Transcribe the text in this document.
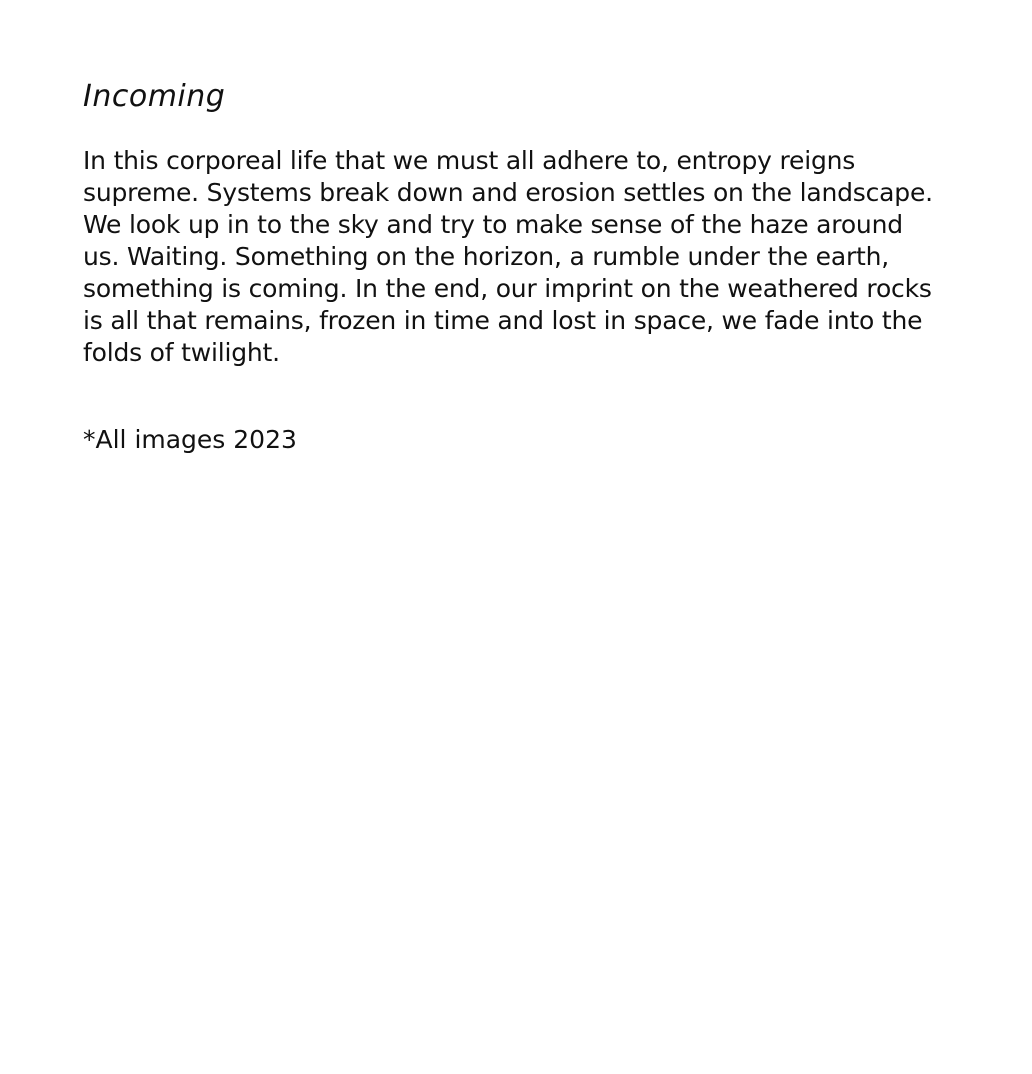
Incoming

In this corporeal life that we must all adhere to, entropy reigns
supreme. Systems break down and erosion settles on the landscape.
We look up in to the sky and try to make sense of the haze around
us. Waiting. Something on the horizon, a rumble under the earth,
something is coming. In the end, our imprint on the weathered rocks
is all that remains, frozen in time and lost in space, we fade into the
folds of twilight.

*All images 2023
